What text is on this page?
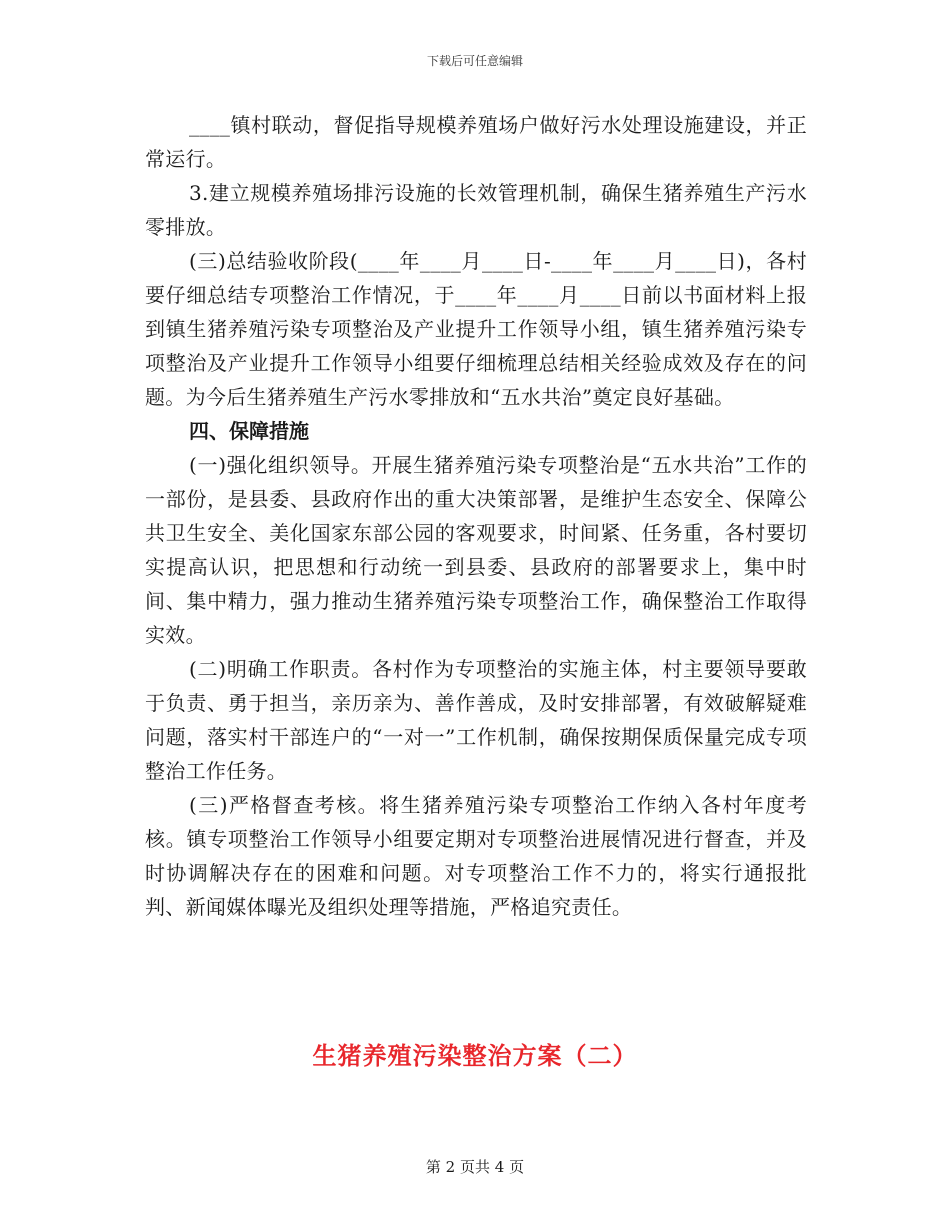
下载后可任意编辑

____镇村联动，督促指导规模养殖场户做好污水处理设施建设，并正常运行。

3.建立规模养殖场排污设施的长效管理机制，确保生猪养殖生产污水零排放。

(三)总结验收阶段(____年____月____日-____年____月____日)，各村要仔细总结专项整治工作情况，于____年____月____日前以书面材料上报到镇生猪养殖污染专项整治及产业提升工作领导小组，镇生猪养殖污染专项整治及产业提升工作领导小组要仔细梳理总结相关经验成效及存在的问题。为今后生猪养殖生产污水零排放和“五水共治”奠定良好基础。

四、保障措施

(一)强化组织领导。开展生猪养殖污染专项整治是“五水共治”工作的一部份，是县委、县政府作出的重大决策部署，是维护生态安全、保障公共卫生安全、美化国家东部公园的客观要求，时间紧、任务重，各村要切实提高认识，把思想和行动统一到县委、县政府的部署要求上，集中时间、集中精力，强力推动生猪养殖污染专项整治工作，确保整治工作取得实效。

(二)明确工作职责。各村作为专项整治的实施主体，村主要领导要敢于负责、勇于担当，亲历亲为、善作善成，及时安排部署，有效破解疑难问题，落实村干部连户的“一对一”工作机制，确保按期保质保量完成专项整治工作任务。

(三)严格督查考核。将生猪养殖污染专项整治工作纳入各村年度考核。镇专项整治工作领导小组要定期对专项整治进展情况进行督查，并及时协调解决存在的困难和问题。对专项整治工作不力的，将实行通报批判、新闻媒体曝光及组织处理等措施，严格追究责任。

生猪养殖污染整治方案（二）
第 2 页共 4 页
